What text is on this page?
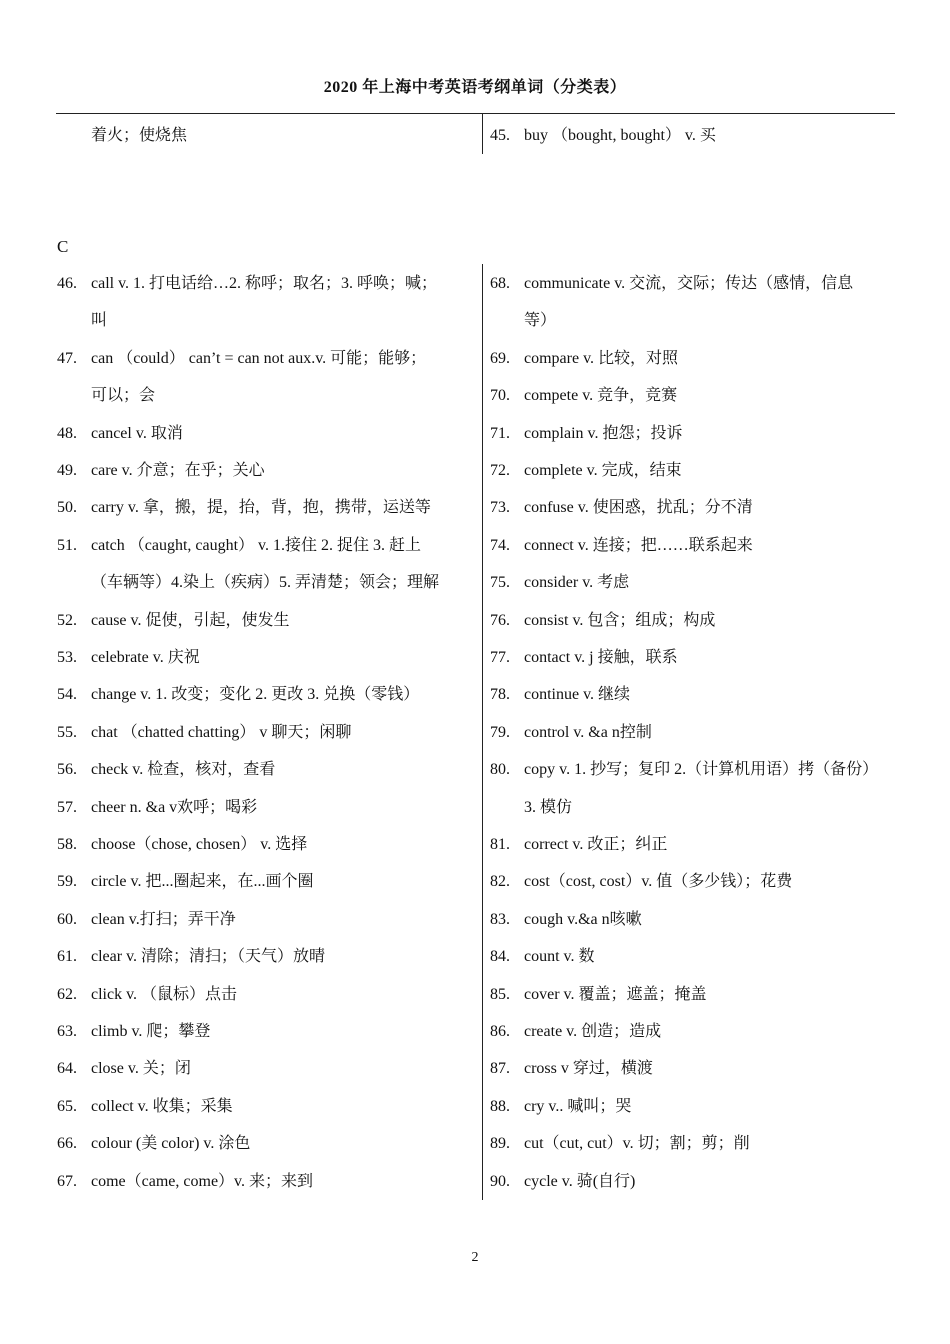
2020 年上海中考英语考纲单词（分类表）
着火；使烧焦	45. buy （bought, bought） v. 买
C
46. call v. 1. 打电话给…2. 称呼；取名；3. 呼唤；喊；
叫
47. can （could） can’t = can not aux.v. 可能；能够；
可以；会
48. cancel v. 取消
49. care v. 介意；在乎；关心
50. carry v. 拿，搬，提，抬，背，抱，携带，运送等
51. catch （caught, caught） v. 1.接住 2. 捉住 3. 赶上
（车辆等）4.染上（疾病）5. 弄清楚；领会；理解
52. cause v. 促使，引起，使发生
53. celebrate v. 庆祝
54. change v. 1. 改变；变化 2. 更改 3. 兑换（零钱）
55. chat （chatted chatting） v 聊天；闲聊
56. check v. 检查，核对，查看
57. cheer n. &a v欢呼；喝彩
58. choose（chose, chosen） v. 选择
59. circle v. 把...圈起来，在...画个圈
60. clean v.打扫；弄干净
61. clear v. 清除；清扫；（天气）放晴
62. click v. （鼠标）点击
63. climb v. 爬；攀登
64. close v. 关；闭
65. collect v. 收集；采集
66. colour (美 color) v. 涂色
67. come（came, come）v. 来；来到
68. communicate v. 交流，交际；传达（感情，信息
等）
69. compare v. 比较，对照
70. compete v. 竞争，竞赛
71. complain v. 抱怨；投诉
72. complete v. 完成，结束
73. confuse v. 使困惑，扰乱；分不清
74. connect v. 连接；把……联系起来
75. consider v. 考虑
76. consist v. 包含；组成；构成
77. contact v. j 接触，联系
78. continue v. 继续
79. control v. &a n控制
80. copy v. 1. 抄写；复印 2.（计算机用语）拷（备份）
3. 模仿
81. correct v. 改正；纠正
82. cost（cost, cost）v. 值（多少钱）；花费
83. cough v.&a n咳嗽
84. count v. 数
85. cover v. 覆盖；遮盖；掩盖
86. create v. 创造；造成
87. cross v 穿过，横渡
88. cry v.. 喊叫；哭
89. cut（cut, cut）v. 切；割；剪；削
90. cycle v. 骑(自行)
2
